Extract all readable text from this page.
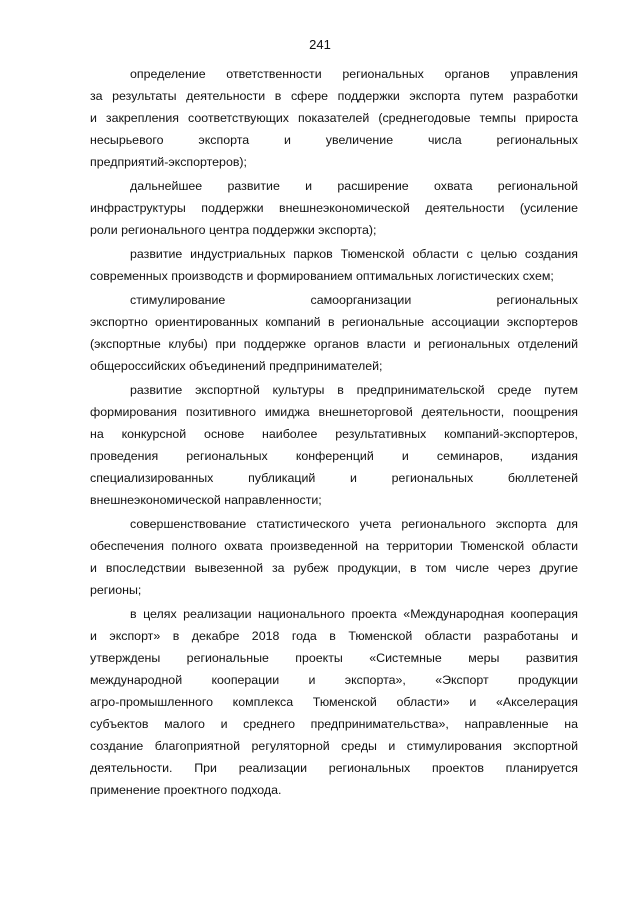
241
определение ответственности региональных органов управления
за результаты деятельности в сфере поддержки экспорта путем разработки
и закрепления соответствующих показателей (среднегодовые темпы прироста
несырьевого экспорта и увеличение числа региональных
предприятий-экспортеров);
дальнейшее развитие и расширение охвата региональной
инфраструктуры поддержки внешнеэкономической деятельности (усиление
роли регионального центра поддержки экспорта);
развитие индустриальных парков Тюменской области с целью создания
современных производств и формированием оптимальных логистических схем;
стимулирование самоорганизации региональных
экспортно ориентированных компаний в региональные ассоциации экспортеров
(экспортные клубы) при поддержке органов власти и региональных отделений
общероссийских объединений предпринимателей;
развитие экспортной культуры в предпринимательской среде путем
формирования позитивного имиджа внешнеторговой деятельности, поощрения
на конкурсной основе наиболее результативных компаний-экспортеров,
проведения региональных конференций и семинаров, издания
специализированных публикаций и региональных бюллетеней
внешнеэкономической направленности;
совершенствование статистического учета регионального экспорта для
обеспечения полного охвата произведенной на территории Тюменской области
и впоследствии вывезенной за рубеж продукции, в том числе через другие
регионы;
в целях реализации национального проекта «Международная кооперация
и экспорт» в декабре 2018 года в Тюменской области разработаны и
утверждены региональные проекты «Системные меры развития
международной кооперации и экспорта», «Экспорт продукции
агро-промышленного комплекса Тюменской области» и «Акселерация
субъектов малого и среднего предпринимательства», направленные на
создание благоприятной регуляторной среды и стимулирования экспортной
деятельности. При реализации региональных проектов планируется
применение проектного подхода.
